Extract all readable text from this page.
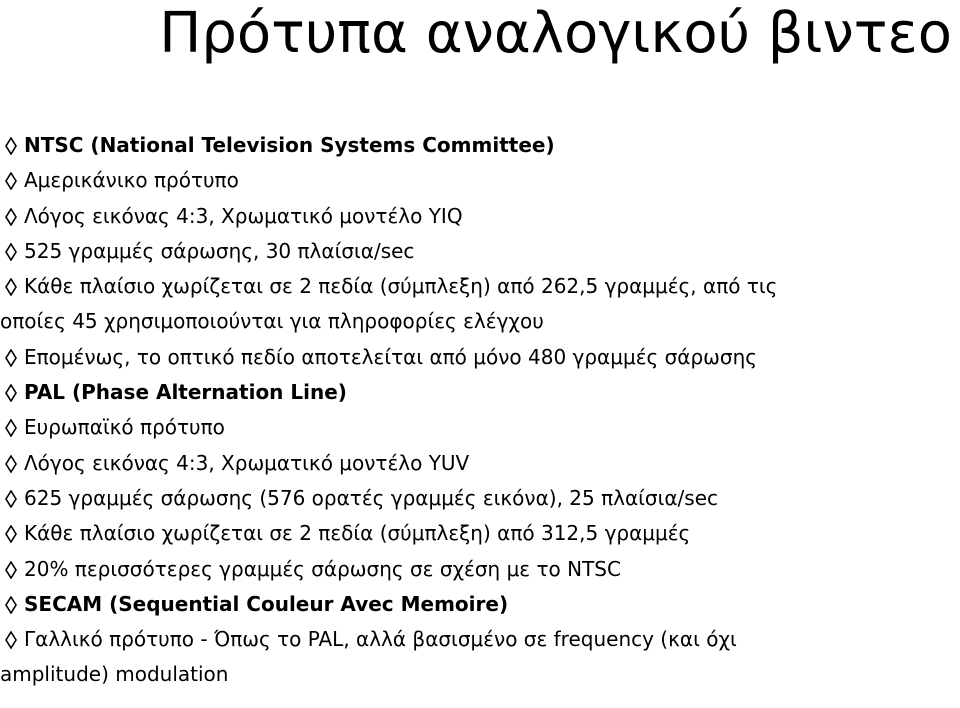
Πρότυπα αναλογικού βιντεο
NTSC (National Television Systems Committee)
Αμερικάνικο πρότυπο
Λόγος εικόνας 4:3, Χρωματικό μοντέλο YIQ
525 γραμμές σάρωσης, 30 πλαίσια/sec
Κάθε πλαίσιο χωρίζεται σε 2 πεδία (σύμπλεξη) από 262,5 γραμμές, από τις
οποίες 45 χρησιμοποιούνται για πληροφορίες ελέγχου
Επομένως, το οπτικό πεδίο αποτελείται από μόνο 480 γραμμές σάρωσης
PAL (Phase Alternation Line)
Ευρωπαϊκό πρότυπο
Λόγος εικόνας 4:3, Χρωματικό μοντέλο YUV
625 γραμμές σάρωσης (576 ορατές γραμμές εικόνα), 25 πλαίσια/sec
Κάθε πλαίσιο χωρίζεται σε 2 πεδία (σύμπλεξη) από 312,5 γραμμές
20% περισσότερες γραμμές σάρωσης σε σχέση με το NTSC
SECAM (Sequential Couleur Avec Memoire)
Γαλλικό πρότυπο - Όπως το PAL, αλλά βασισμένο σε frequency (και όχι
amplitude) modulation
